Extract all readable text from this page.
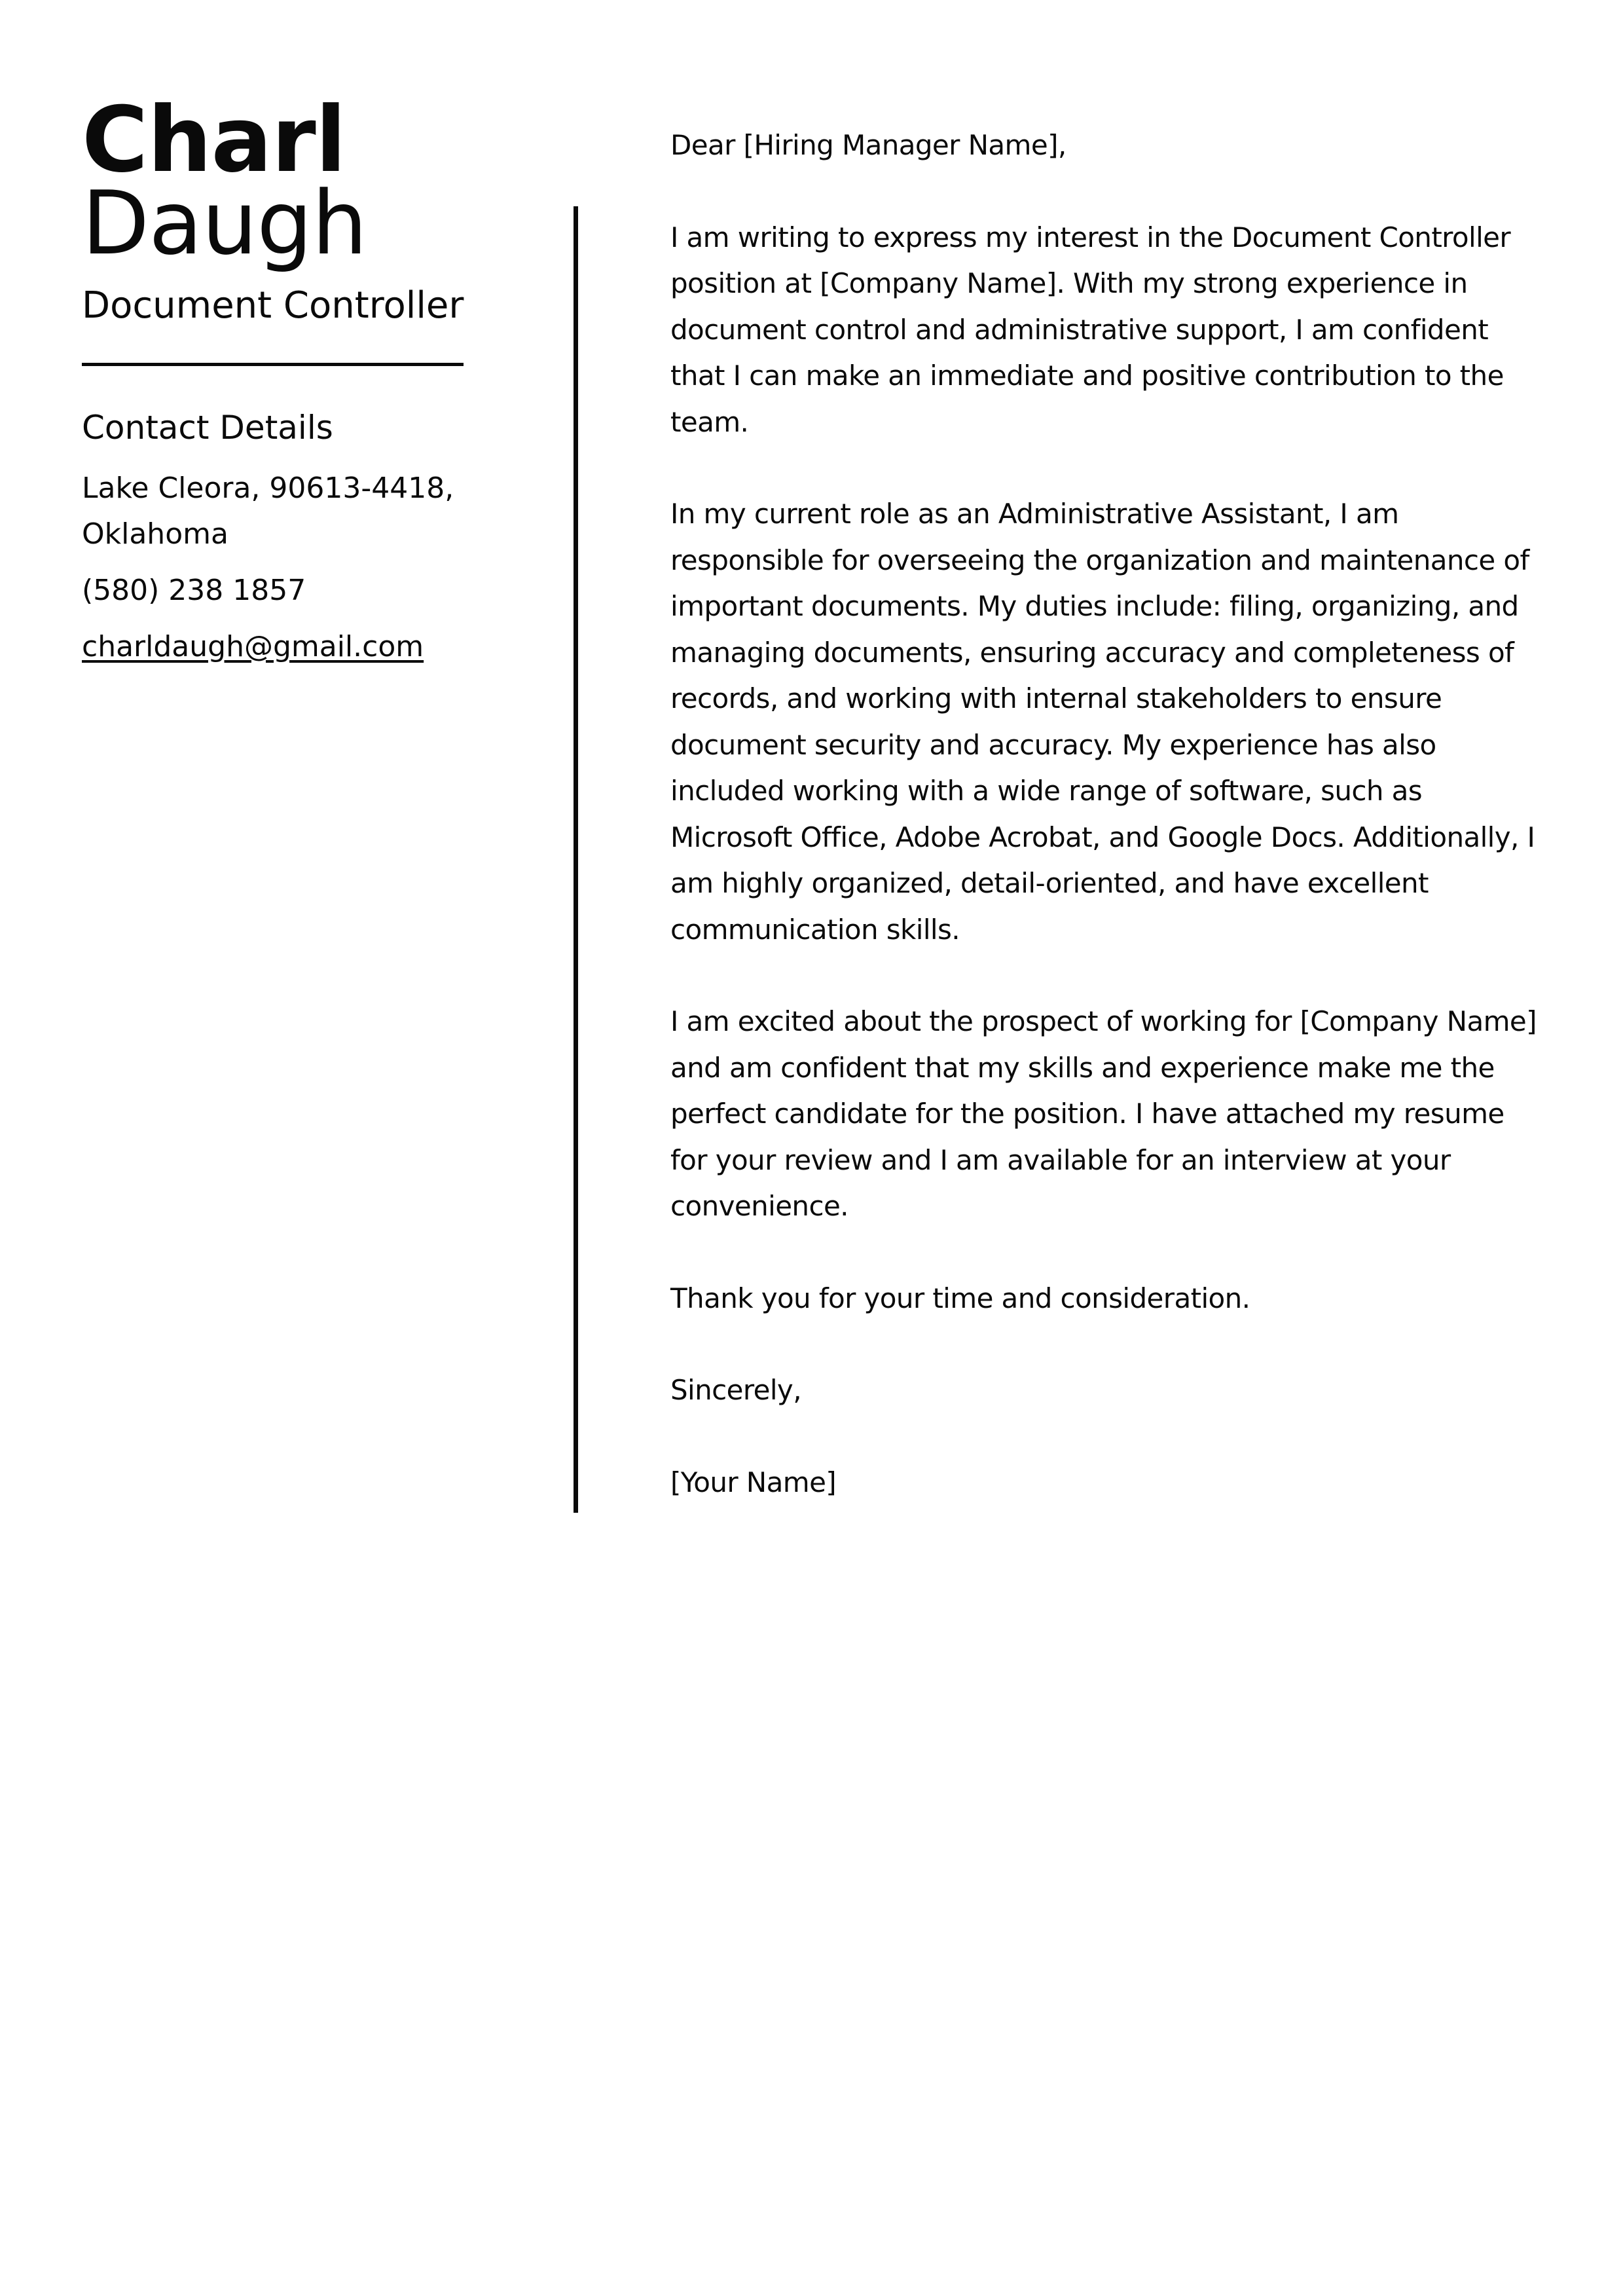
Charl
Daugh
Document Controller
Contact Details
Lake Cleora, 90613-4418, Oklahoma
(580) 238 1857
charldaugh@gmail.com

Dear [Hiring Manager Name],

I am writing to express my interest in the Document Controller position at [Company Name]. With my strong experience in document control and administrative support, I am confident that I can make an immediate and positive contribution to the team.

In my current role as an Administrative Assistant, I am responsible for overseeing the organization and maintenance of important documents. My duties include: filing, organizing, and managing documents, ensuring accuracy and completeness of records, and working with internal stakeholders to ensure document security and accuracy. My experience has also included working with a wide range of software, such as Microsoft Office, Adobe Acrobat, and Google Docs. Additionally, I am highly organized, detail-oriented, and have excellent communication skills.

I am excited about the prospect of working for [Company Name] and am confident that my skills and experience make me the perfect candidate for the position. I have attached my resume for your review and I am available for an interview at your convenience.

Thank you for your time and consideration.

Sincerely,

[Your Name]
